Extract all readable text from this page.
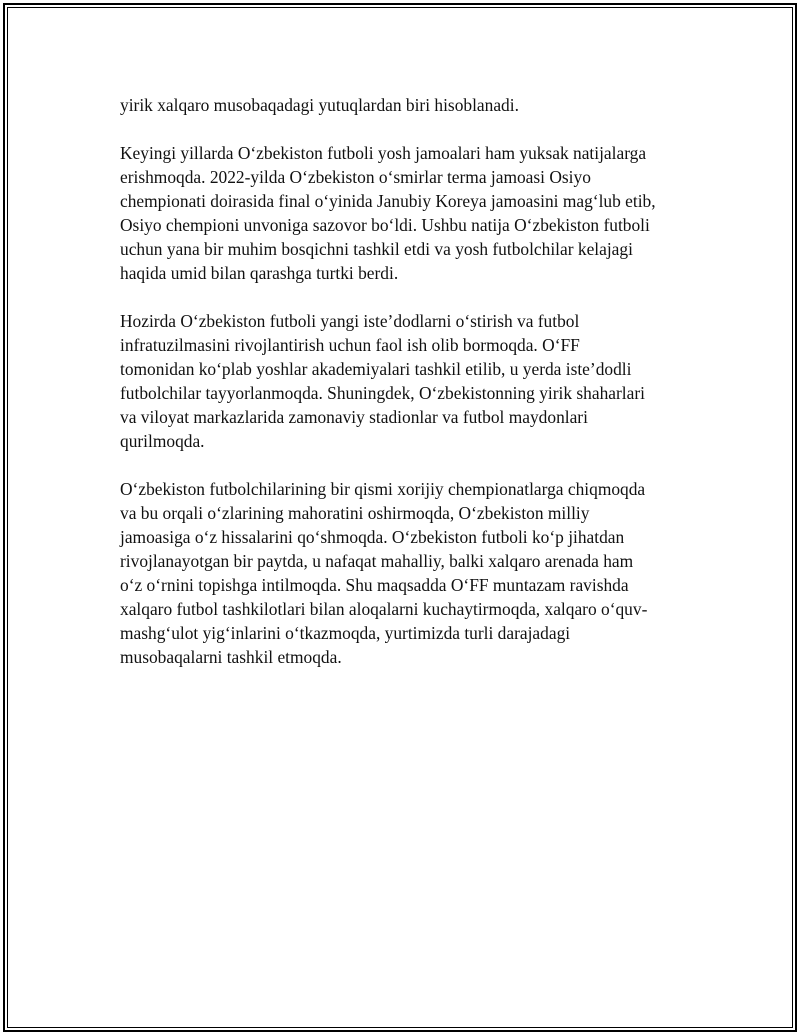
yirik xalqaro musobaqadagi yutuqlardan biri hisoblanadi.

Keyingi yillarda O‘zbekiston futboli yosh jamoalari ham yuksak natijalarga
erishmoqda. 2022-yilda O‘zbekiston o‘smirlar terma jamoasi Osiyo
chempionati doirasida final o‘yinida Janubiy Koreya jamoasini mag‘lub etib,
Osiyo chempioni unvoniga sazovor bo‘ldi. Ushbu natija O‘zbekiston futboli
uchun yana bir muhim bosqichni tashkil etdi va yosh futbolchilar kelajagi
haqida umid bilan qarashga turtki berdi.

Hozirda O‘zbekiston futboli yangi iste’dodlarni o‘stirish va futbol
infratuzilmasini rivojlantirish uchun faol ish olib bormoqda. O‘FF
tomonidan ko‘plab yoshlar akademiyalari tashkil etilib, u yerda iste’dodli
futbolchilar tayyorlanmoqda. Shuningdek, O‘zbekistonning yirik shaharlari
va viloyat markazlarida zamonaviy stadionlar va futbol maydonlari
qurilmoqda.

O‘zbekiston futbolchilarining bir qismi xorijiy chempionatlarga chiqmoqda
va bu orqali o‘zlarining mahoratini oshirmoqda, O‘zbekiston milliy
jamoasiga o‘z hissalarini qo‘shmoqda. O‘zbekiston futboli ko‘p jihatdan
rivojlanayotgan bir paytda, u nafaqat mahalliy, balki xalqaro arenada ham
o‘z o‘rnini topishga intilmoqda. Shu maqsadda O‘FF muntazam ravishda
xalqaro futbol tashkilotlari bilan aloqalarni kuchaytirmoqda, xalqaro o‘quv-
mashg‘ulot yig‘inlarini o‘tkazmoqda, yurtimizda turli darajadagi
musobaqalarni tashkil etmoqda.
